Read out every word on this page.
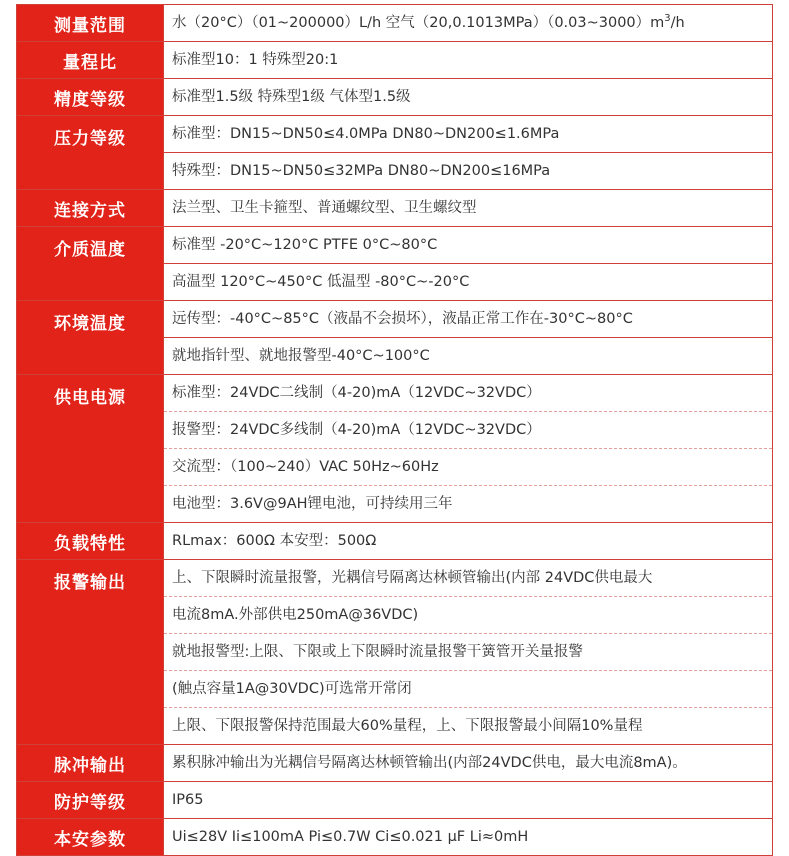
测量范围	水（20°C）（01~200000）L/h 空气$(20,0.1013MPa)(0.03\sim 3000)m^3/h$

量程比	标准型10：1 特殊型20:1

精度等级	标准型1.5级 特殊型1级 气体型1.5级

压力等级	标准型：DN15~DN50≤4.0MPa DN80~DN200≤1.6MPa
特殊型：DN15~DN50≤32MPa DN80~DN200≤16MPa

连接方式	法兰型、卫生卡箍型、普通螺纹型、卫生螺纹型

介质温度	标准型 -20°C~120°C PTFE 0°C~80°C
高温型 120°C~450°C 低温型 -80°C~-20°C

环境温度	远传型：-40°C~85°C（液晶不会损坏），液晶正常工作在-30°C~80°C
就地指针型、就地报警型-40°C~100°C

供电电源	标准型：24VDC二线制（4-20)mA（12VDC~32VDC）
报警型：24VDC多线制（4-20)mA（12VDC~32VDC）
交流型：（100~240）VAC 50Hz~60Hz
电池型：3.6V@9AH锂电池，可持续用三年

负载特性	RLmax：600Ω 本安型：500Ω

报警输出	上、下限瞬时流量报警，光耦信号隔离达林顿管输出(内部 24VDC供电最大
电流8mA.外部供电250mA@36VDC)
就地报警型:上限、下限或上下限瞬时流量报警干簧管开关量报警
(触点容量1A@30VDC)可选常开常闭
上限、下限报警保持范围最大60%量程，上、下限报警最小间隔10%量程

脉冲输出	累积脉冲输出为光耦信号隔离达林顿管输出(内部24VDC供电，最大电流8mA)。

防护等级	IP65

本安参数	Ui≤28V Ii≤100mA Pi≤0.7W Ci≤0.021 μF Li≈0mH
